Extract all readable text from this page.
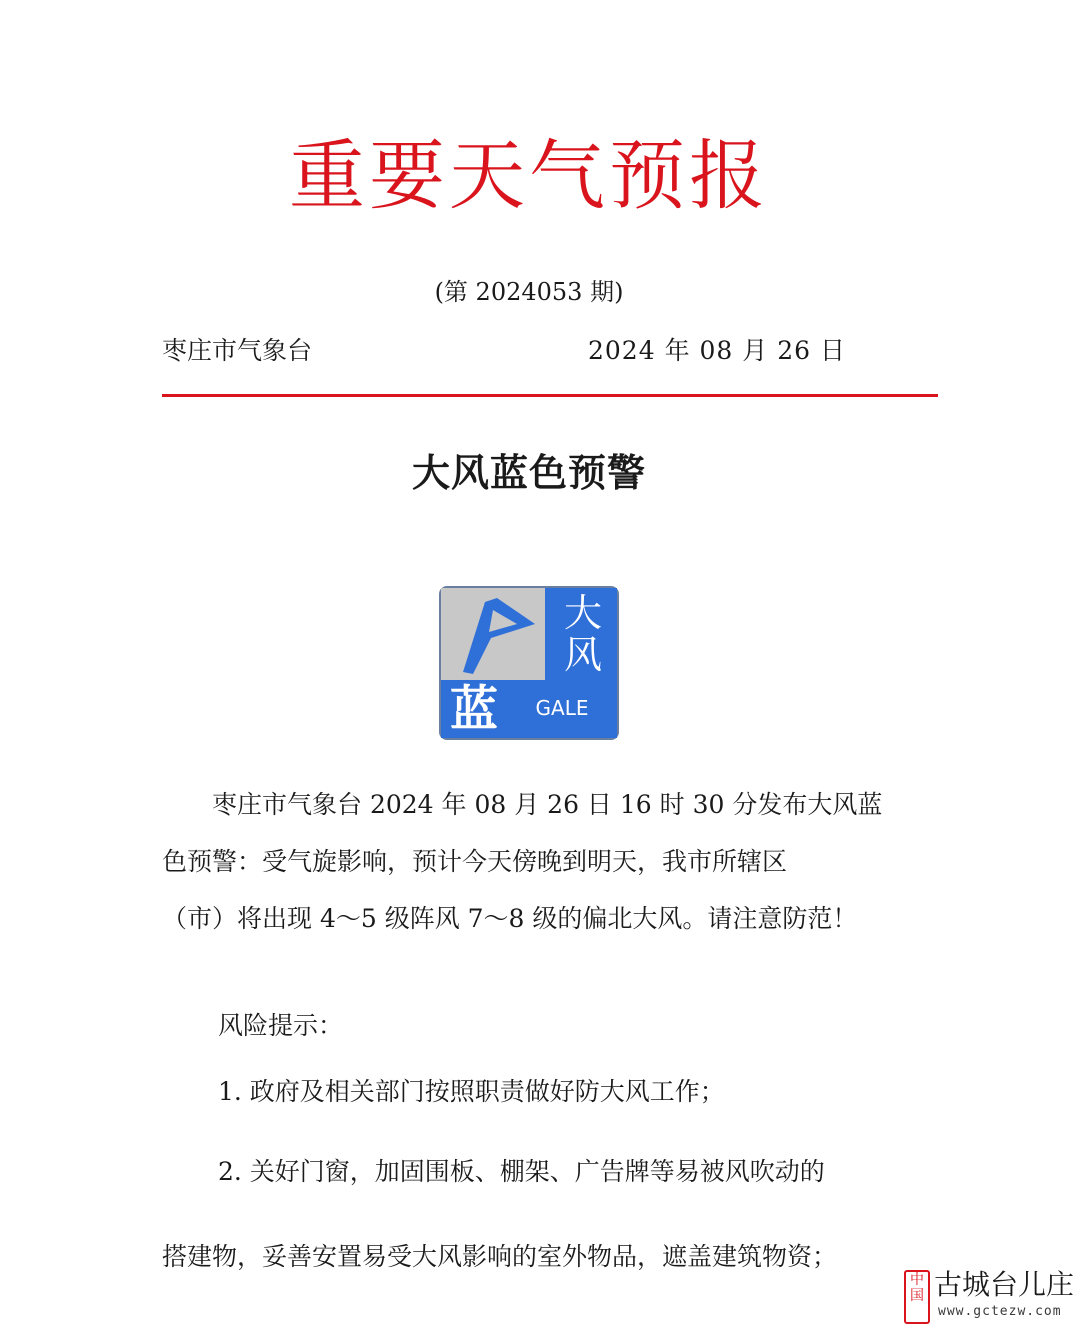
重要天气预报
(第 2024053 期)
枣庄市气象台	2024 年 08 月 26 日
大风蓝色预警
大
风
蓝	GALE
　　枣庄市气象台 2024 年 08 月 26 日 16 时 30 分发布大风蓝
色预警：受气旋影响，预计今天傍晚到明天，我市所辖区
（市）将出现 4～5 级阵风 7～8 级的偏北大风。请注意防范！
风险提示：
1. 政府及相关部门按照职责做好防大风工作；
2. 关好门窗，加固围板、棚架、广告牌等易被风吹动的
搭建物，妥善安置易受大风影响的室外物品，遮盖建筑物资；
中国 古城台儿庄
www.gctezw.com
